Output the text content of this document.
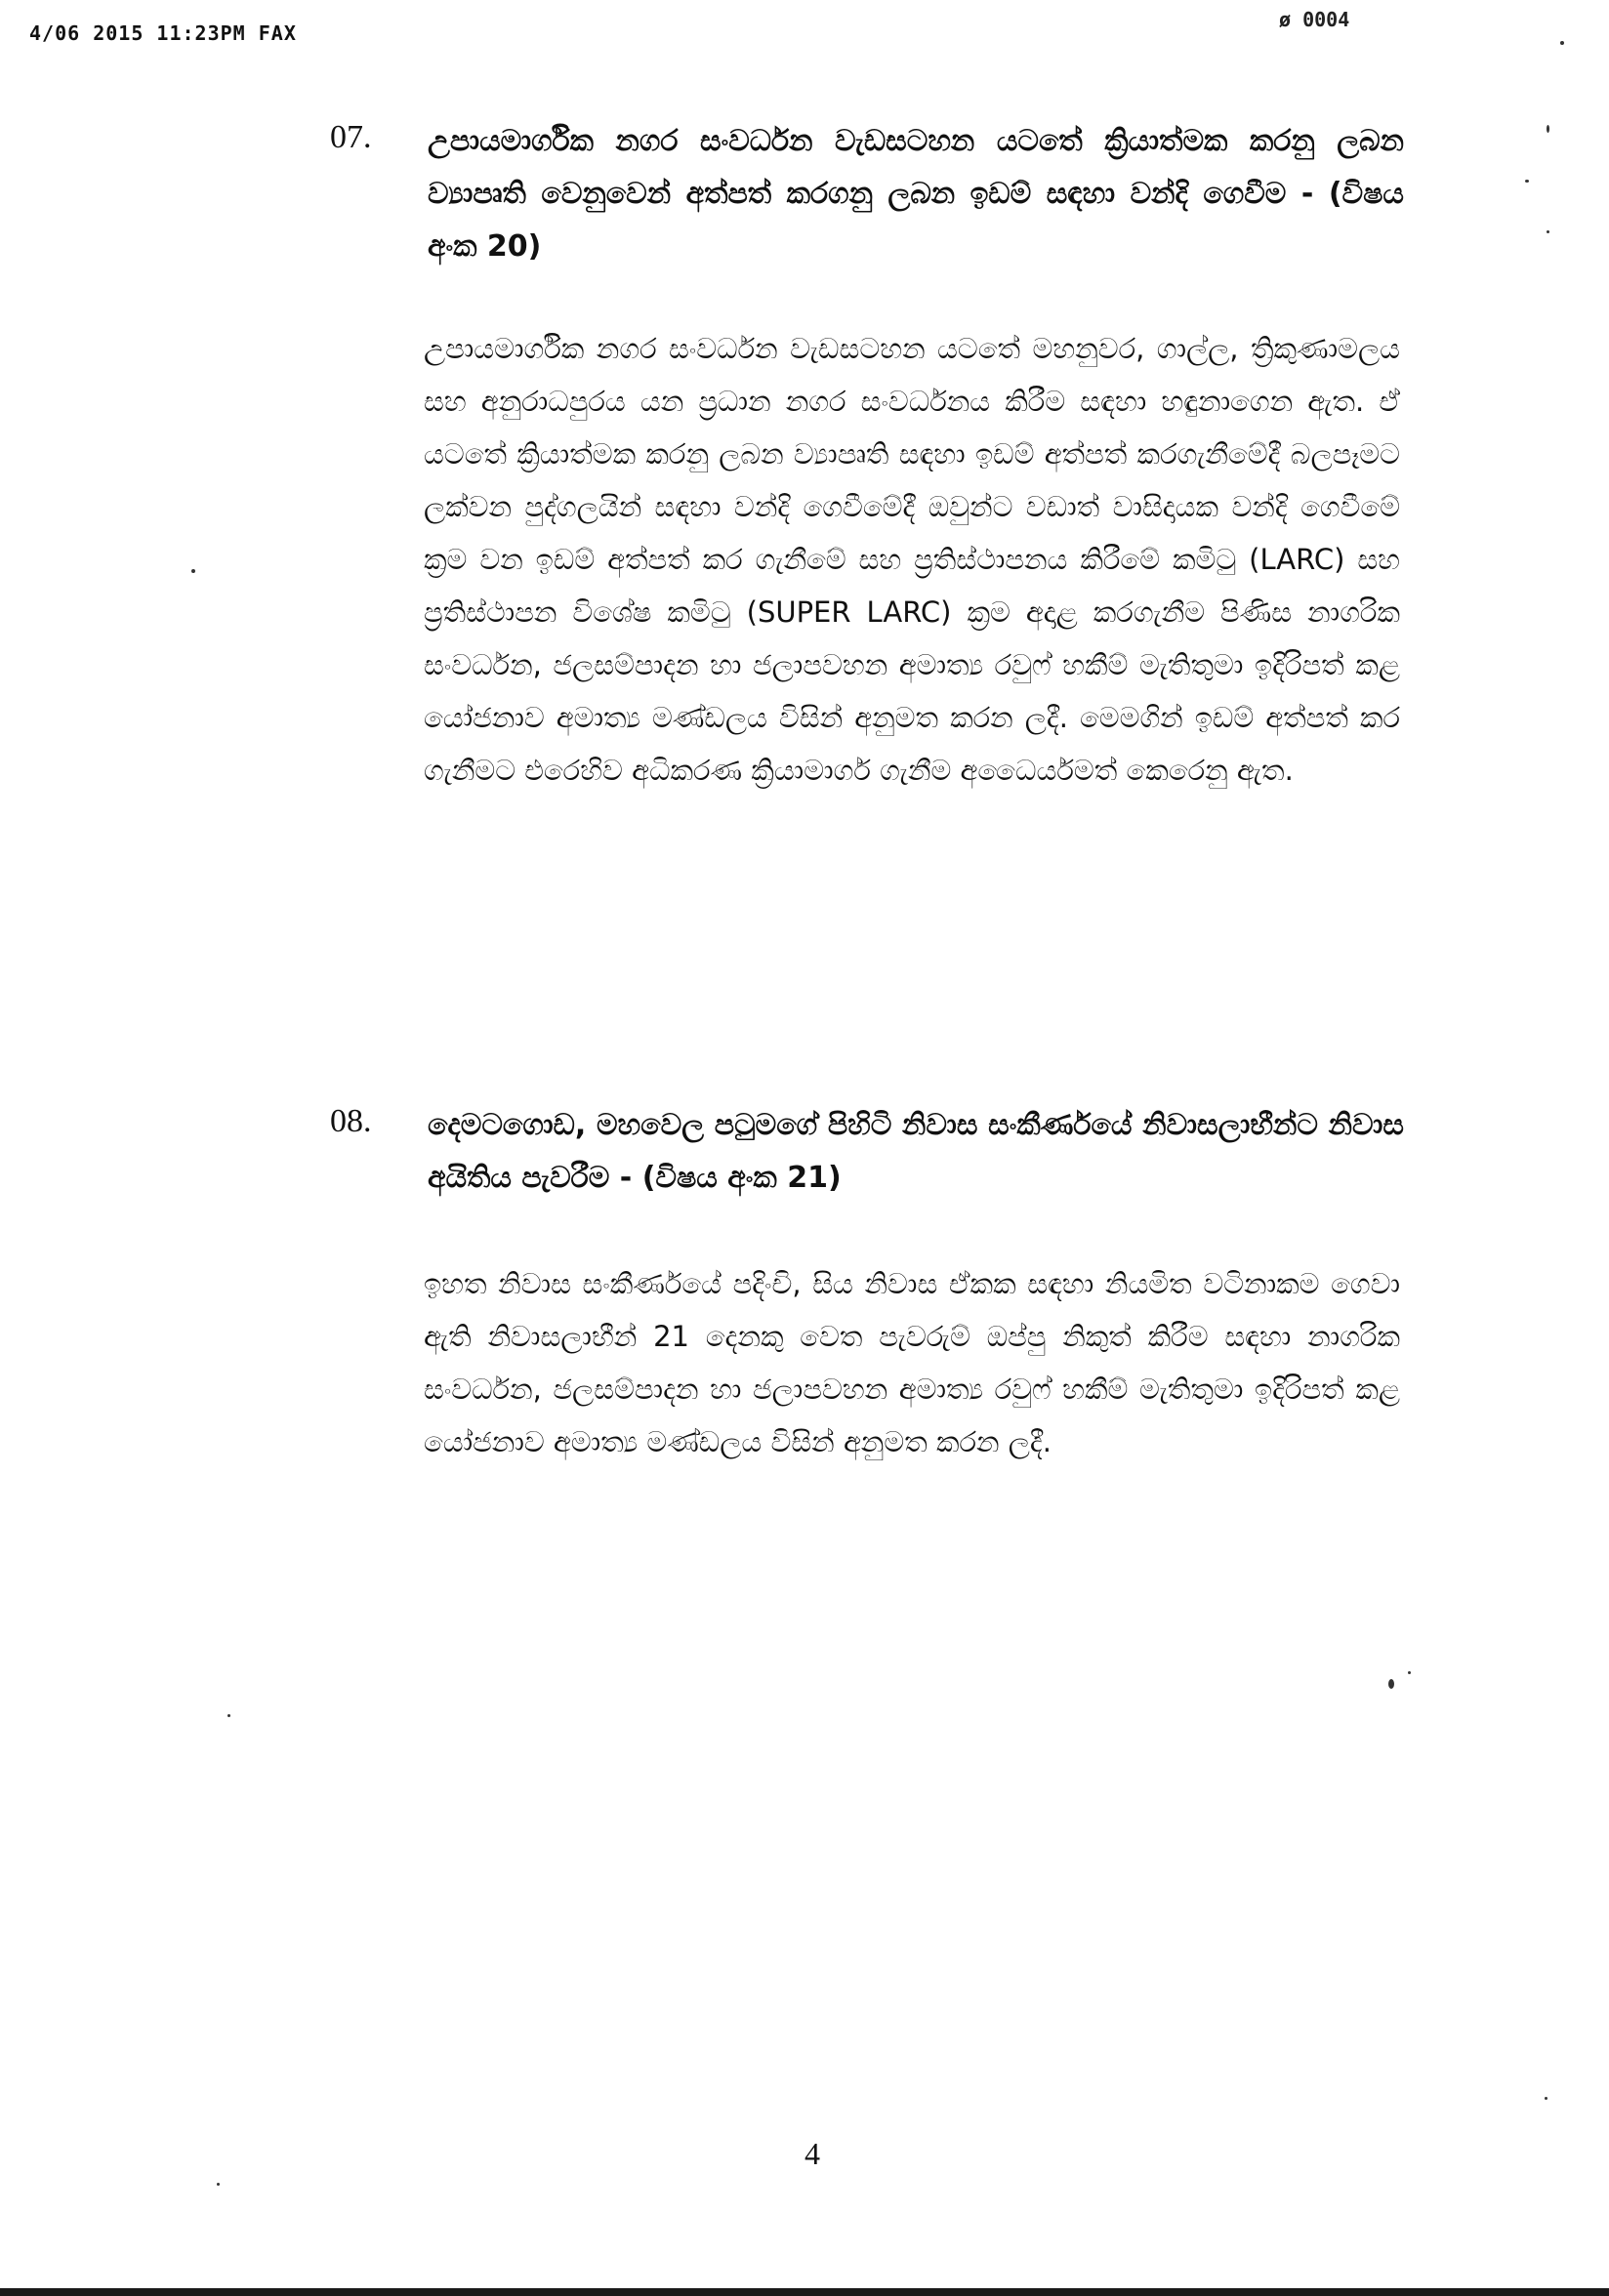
4/06 2015 11:23PM FAX
ø 0004
07. උපායමාර්ගික නගර සංවර්ධන වැඩසටහන යටතේ ක්‍රියාත්මක කරනු ලබන ව්‍යාපෘති වෙනුවෙන් අත්පත් කරගනු ලබන ඉඩම් සඳහා වන්දි ගෙවීම - (විෂය අංක 20)

උපායමාර්ගික නගර සංවර්ධන වැඩසටහන යටතේ මහනුවර, ගාල්ල, ත්‍රිකුණාමලය සහ අනුරාධපුරය යන ප්‍රධාන නගර සංවර්ධනය කිරීම සඳහා හඳුනාගෙන ඇත. ඒ යටතේ ක්‍රියාත්මක කරනු ලබන ව්‍යාපෘති සඳහා ඉඩම් අත්පත් කරගැනීමේදී බලපෑමට ලක්වන පුද්ගලයින් සඳහා වන්දි ගෙවීමේදී ඔවුන්ට වඩාත් වාසිදායක වන්දි ගෙවීමේ ක්‍රම වන ඉඩම් අත්පත් කර ගැනීමේ සහ ප්‍රතිස්ථාපනය කිරීමේ කමිටු (LARC) සහ ප්‍රතිස්ථාපන විශේෂ කමිටු (SUPER LARC) ක්‍රම අදාළ කරගැනීම පිණිස නාගරික සංවර්ධන, ජලසම්පාදන හා ජලාපවහන අමාත්‍ය රවුෆ් හකීම් මැතිතුමා ඉදිරිපත් කළ යෝජනාව අමාත්‍ය මණ්ඩලය විසින් අනුමත කරන ලදී. මෙමගින් ඉඩම් අත්පත් කර ගැනීමට එරෙහිව අධිකරණ ක්‍රියාමාර්ග ගැනීම අධෛර්යමත් කෙරෙනු ඇත.

08. දෙමටගොඩ, මහවෙල පටුමගේ පිහිටි නිවාස සංකීර්ණයේ නිවාසලාභීන්ට නිවාස අයිතිය පැවරීම - (විෂය අංක 21)

ඉහත නිවාස සංකීර්ණයේ පදිංචි, සිය නිවාස ඒකක සඳහා නියමිත වටිනාකම ගෙවා ඇති නිවාසලාභීන් 21 දෙනකු වෙත පැවරුම් ඔප්පු නිකුත් කිරීම සඳහා නාගරික සංවර්ධන, ජලසම්පාදන හා ජලාපවහන අමාත්‍ය රවුෆ් හකීම් මැතිතුමා ඉදිරිපත් කළ යෝජනාව අමාත්‍ය මණ්ඩලය විසින් අනුමත කරන ලදී.

4
